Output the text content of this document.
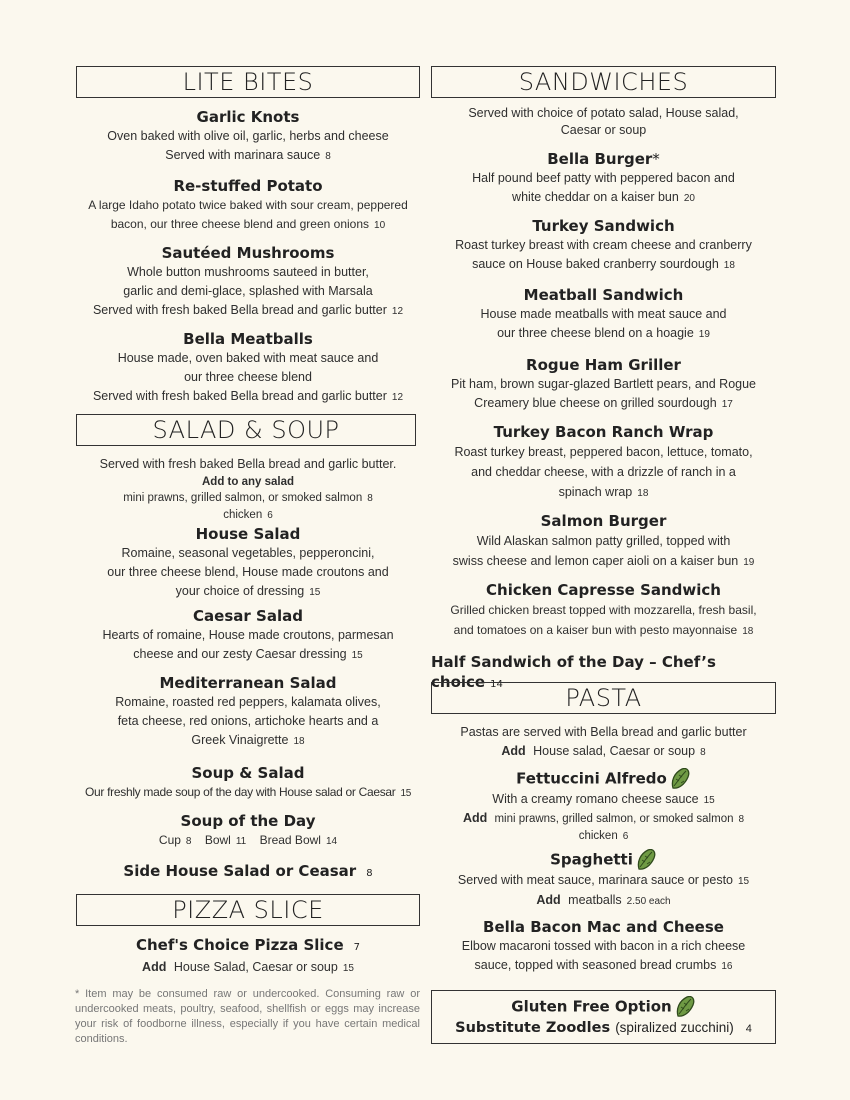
LITE BITES
Garlic Knots
Oven baked with olive oil, garlic, herbs and cheese
Served with marinara sauce 8
Re-stuffed Potato
A large Idaho potato twice baked with sour cream, peppered
bacon, our three cheese blend and green onions 10
Sautéed Mushrooms
Whole button mushrooms sauteed in butter,
garlic and demi-glace, splashed with Marsala
Served with fresh baked Bella bread and garlic butter 12
Bella Meatballs
House made, oven baked with meat sauce and
our three cheese blend
Served with fresh baked Bella bread and garlic butter 12
SALAD & SOUP
Served with fresh baked Bella bread and garlic butter.
Add to any salad
mini prawns, grilled salmon, or smoked salmon 8
chicken 6
House Salad
Romaine, seasonal vegetables, pepperoncini,
our three cheese blend, House made croutons and
your choice of dressing 15
Caesar Salad
Hearts of romaine, House made croutons, parmesan
cheese and our zesty Caesar dressing 15
Mediterranean Salad
Romaine, roasted red peppers, kalamata olives,
feta cheese, red onions, artichoke hearts and a
Greek Vinaigrette 18
Soup & Salad
Our freshly made soup of the day with House salad or Caesar 15
Soup of the Day
Cup 8 Bowl 11 Bread Bowl 14
Side House Salad or Ceasar 8
PIZZA SLICE
Chef's Choice Pizza Slice 7
Add House Salad, Caesar or soup 15
* Item may be consumed raw or undercooked. Consuming raw or undercooked meats, poultry, seafood, shellfish or eggs may increase your risk of foodborne illness, especially if you have certain medical conditions.
SANDWICHES
Served with choice of potato salad, House salad,
Caesar or soup
Bella Burger*
Half pound beef patty with peppered bacon and
white cheddar on a kaiser bun 20
Turkey Sandwich
Roast turkey breast with cream cheese and cranberry
sauce on House baked cranberry sourdough 18
Meatball Sandwich
House made meatballs with meat sauce and
our three cheese blend on a hoagie 19
Rogue Ham Griller
Pit ham, brown sugar-glazed Bartlett pears, and Rogue
Creamery blue cheese on grilled sourdough 17
Turkey Bacon Ranch Wrap
Roast turkey breast, peppered bacon, lettuce, tomato,
and cheddar cheese, with a drizzle of ranch in a
spinach wrap 18
Salmon Burger
Wild Alaskan salmon patty grilled, topped with
swiss cheese and lemon caper aioli on a kaiser bun 19
Chicken Capresse Sandwich
Grilled chicken breast topped with mozzarella, fresh basil,
and tomatoes on a kaiser bun with pesto mayonnaise 18
Half Sandwich of the Day – Chef’s choice 14	PASTA
Pastas are served with Bella bread and garlic butter
Add House salad, Caesar or soup 8
Fettuccini Alfredo
With a creamy romano cheese sauce 15
Add mini prawns, grilled salmon, or smoked salmon 8
chicken 6
Spaghetti
Served with meat sauce, marinara sauce or pesto 15
Add meatballs 2.50 each
Bella Bacon Mac and Cheese
Elbow macaroni tossed with bacon in a rich cheese
sauce, topped with seasoned bread crumbs 16
Gluten Free Option
Substitute Zoodles (spiralized zucchini) 4
